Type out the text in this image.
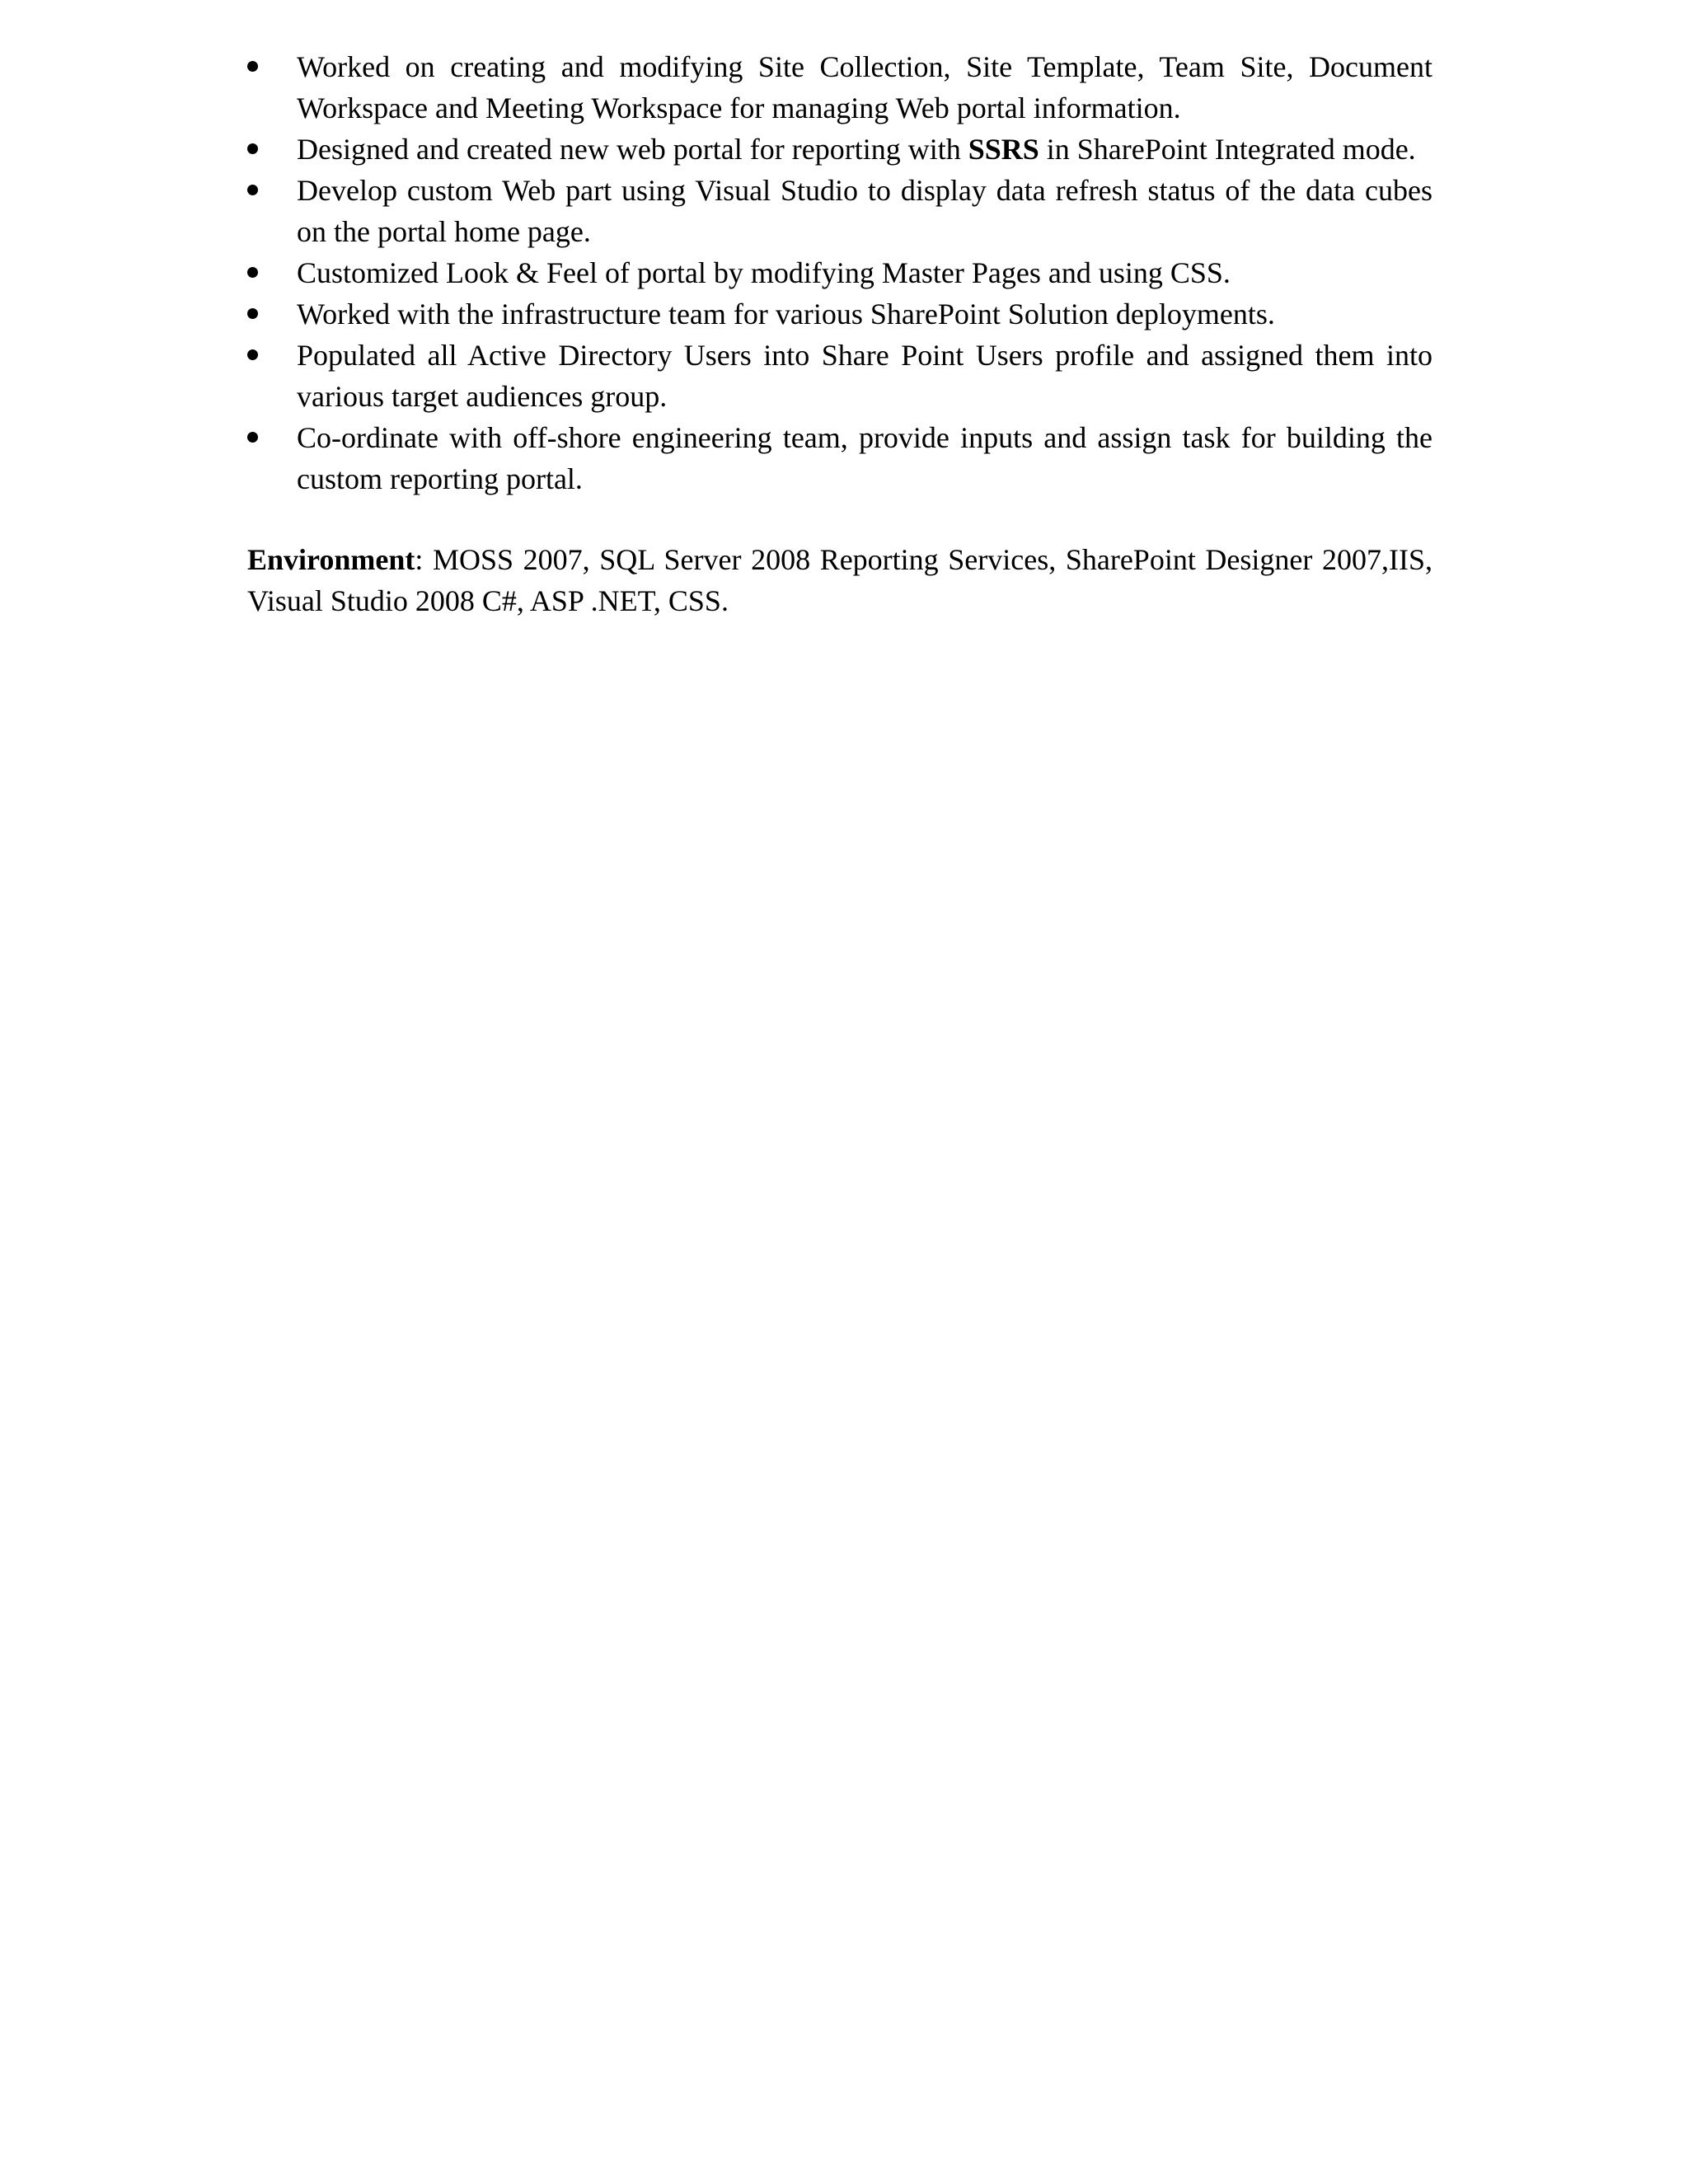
Worked on creating and modifying Site Collection, Site Template, Team Site, Document Workspace and Meeting Workspace for managing Web portal information.
Designed and created new web portal for reporting with SSRS in SharePoint Integrated mode.
Develop custom Web part using Visual Studio to display data refresh status of the data cubes on the portal home page.
Customized Look & Feel of portal by modifying Master Pages and using CSS.
Worked with the infrastructure team for various SharePoint Solution deployments.
Populated all Active Directory Users into Share Point Users profile and assigned them into various target audiences group.
Co-ordinate with off-shore engineering team, provide inputs and assign task for building the custom reporting portal.

Environment: MOSS 2007, SQL Server 2008 Reporting Services, SharePoint Designer 2007,IIS, Visual Studio 2008 C#, ASP .NET, CSS.
